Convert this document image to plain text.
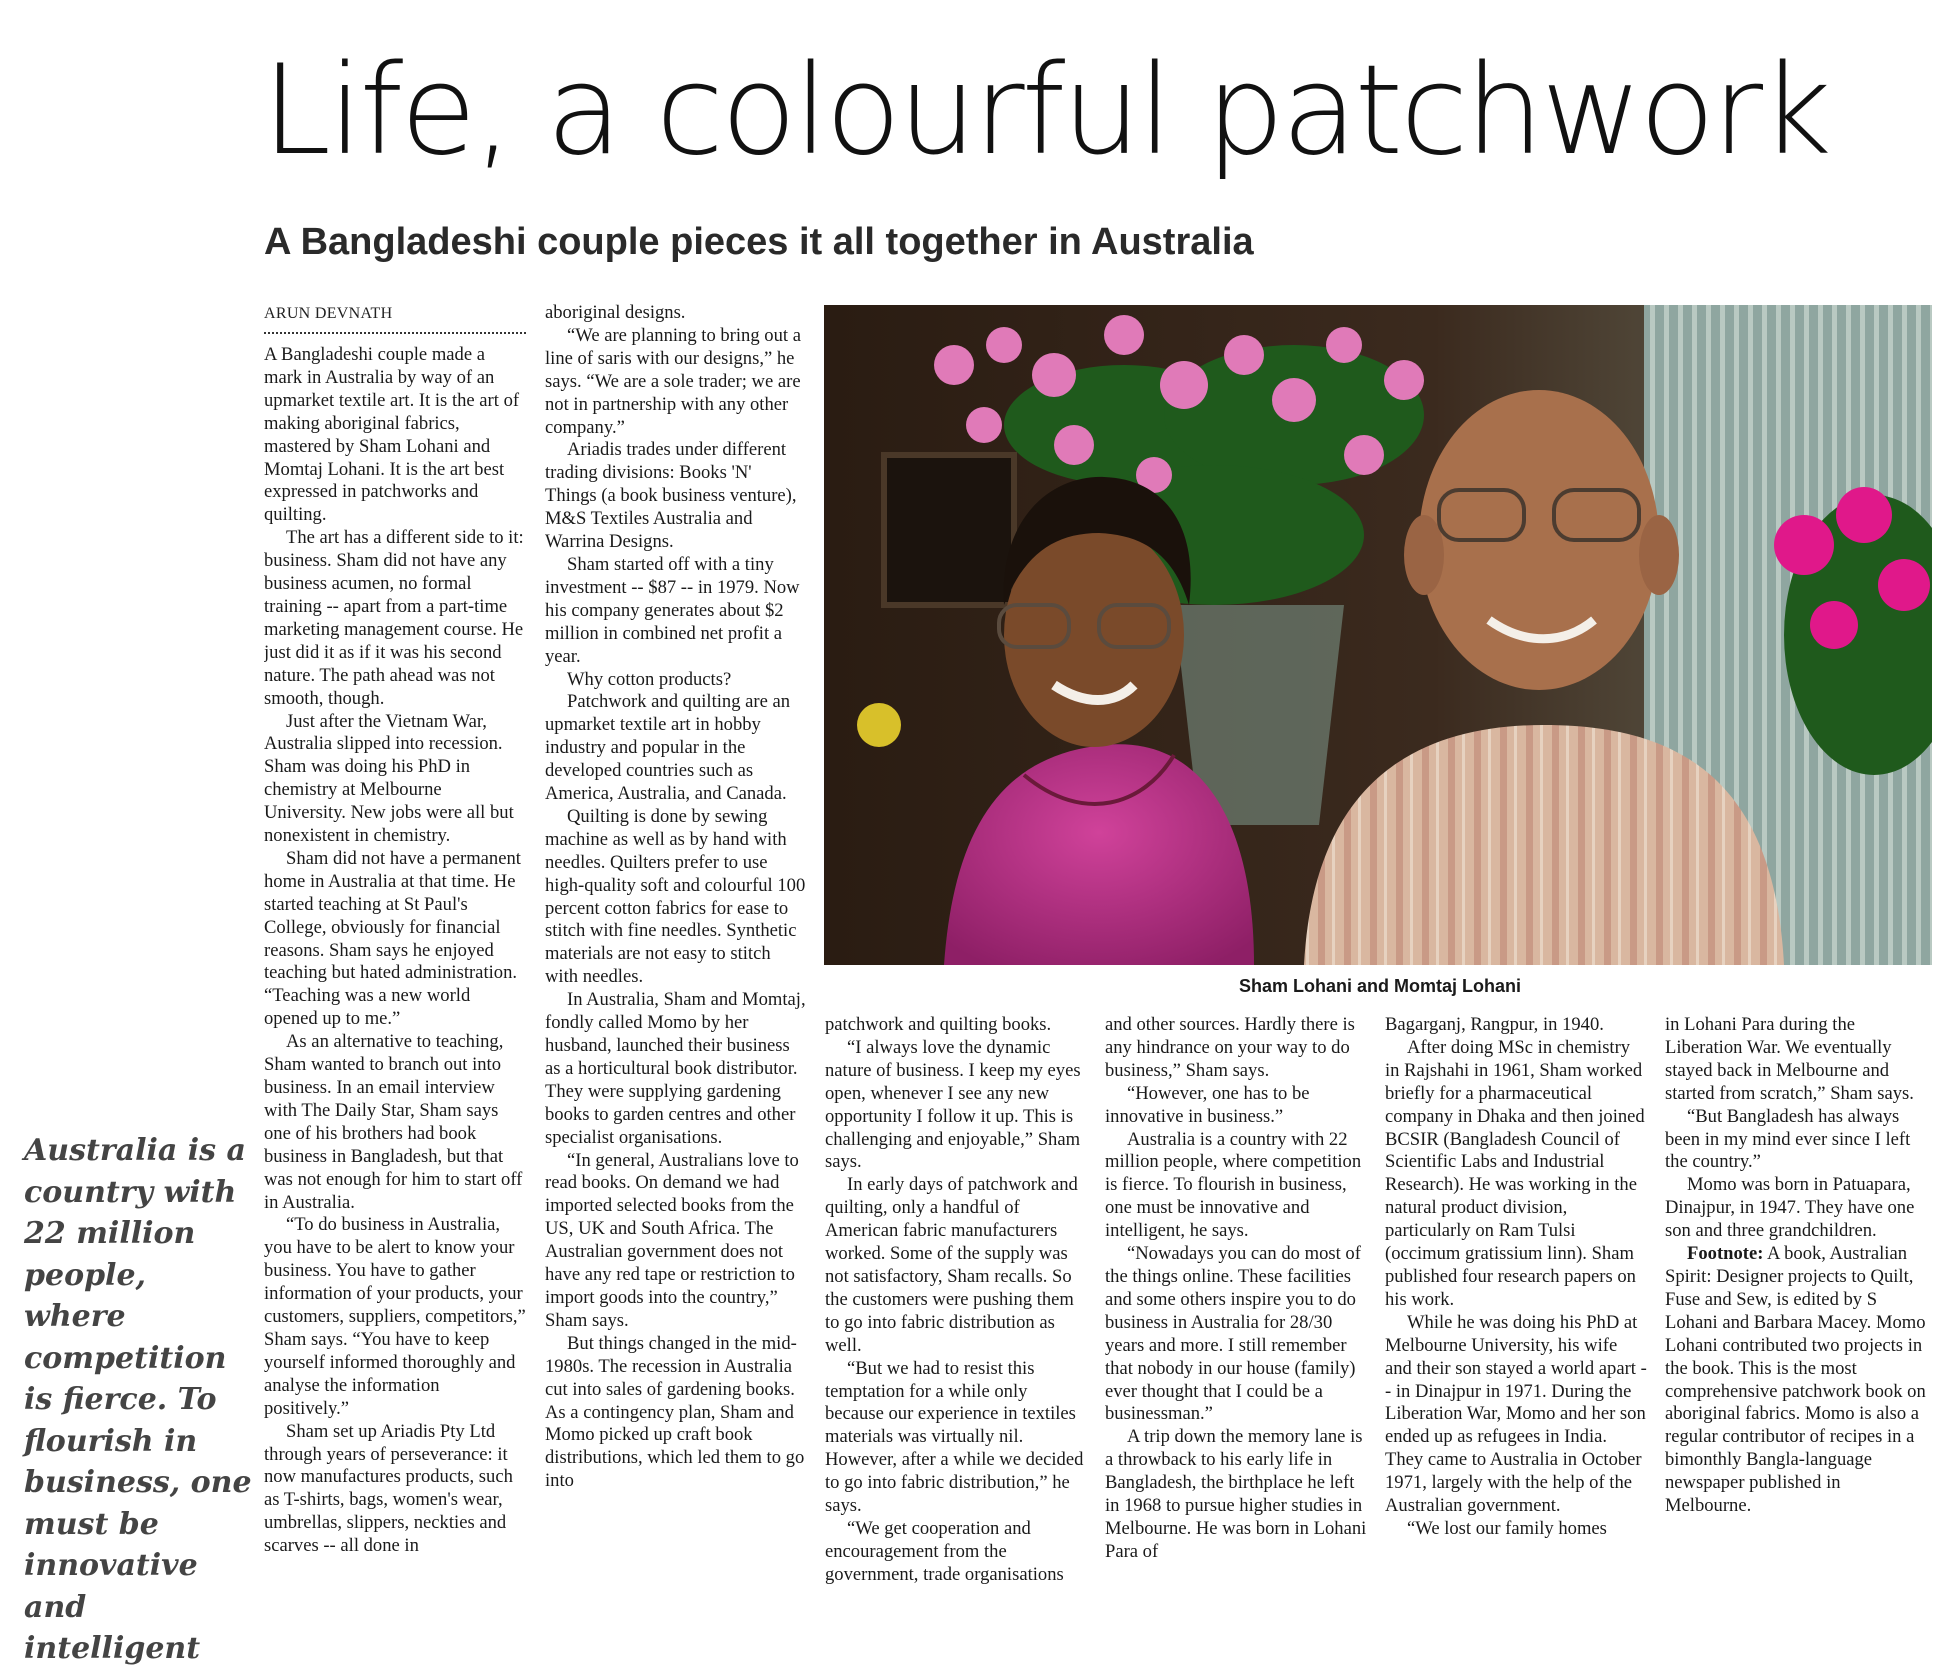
Life, a colourful patchwork
A Bangladeshi couple pieces it all together in Australia

Australia is a country with 22 million people, where competition is fierce. To flourish in business, one must be innovative and intelligent

ARUN DEVNATH

A Bangladeshi couple made a mark in Australia by way of an upmarket textile art. It is the art of making aboriginal fabrics, mastered by Sham Lohani and Momtaj Lohani. It is the art best expressed in patchworks and quilting.

The art has a different side to it: business. Sham did not have any business acumen, no formal training -- apart from a part-time marketing management course. He just did it as if it was his second nature. The path ahead was not smooth, though.

Just after the Vietnam War, Australia slipped into recession. Sham was doing his PhD in chemistry at Melbourne University. New jobs were all but nonexistent in chemistry.

Sham did not have a permanent home in Australia at that time. He started teaching at St Paul's College, obviously for financial reasons. Sham says he enjoyed teaching but hated administration. “Teaching was a new world opened up to me.”

As an alternative to teaching, Sham wanted to branch out into business. In an email interview with The Daily Star, Sham says one of his brothers had book business in Bangladesh, but that was not enough for him to start off in Australia.

“To do business in Australia, you have to be alert to know your business. You have to gather information of your products, your customers, suppliers, competitors,” Sham says. “You have to keep yourself informed thoroughly and analyse the information positively.”

Sham set up Ariadis Pty Ltd through years of perseverance: it now manufactures products, such as T-shirts, bags, women's wear, umbrellas, slippers, neckties and scarves -- all done in

aboriginal designs.

“We are planning to bring out a line of saris with our designs,” he says. “We are a sole trader; we are not in partnership with any other company.”

Ariadis trades under different trading divisions: Books 'N' Things (a book business venture), M&S Textiles Australia and Warrina Designs.

Sham started off with a tiny investment -- $87 -- in 1979. Now his company generates about $2 million in combined net profit a year.

Why cotton products?

Patchwork and quilting are an upmarket textile art in hobby industry and popular in the developed countries such as America, Australia, and Canada.

Quilting is done by sewing machine as well as by hand with needles. Quilters prefer to use high-quality soft and colourful 100 percent cotton fabrics for ease to stitch with fine needles. Synthetic materials are not easy to stitch with needles.

In Australia, Sham and Momtaj, fondly called Momo by her husband, launched their business as a horticultural book distributor. They were supplying gardening books to garden centres and other specialist organisations.

“In general, Australians love to read books. On demand we had imported selected books from the US, UK and South Africa. The Australian government does not have any red tape or restriction to import goods into the country,” Sham says.

But things changed in the mid-1980s. The recession in Australia cut into sales of gardening books. As a contingency plan, Sham and Momo picked up craft book distributions, which led them to go into

Sham Lohani and Momtaj Lohani

patchwork and quilting books.

“I always love the dynamic nature of business. I keep my eyes open, whenever I see any new opportunity I follow it up. This is challenging and enjoyable,” Sham says.

In early days of patchwork and quilting, only a handful of American fabric manufacturers worked. Some of the supply was not satisfactory, Sham recalls. So the customers were pushing them to go into fabric distribution as well.

“But we had to resist this temptation for a while only because our experience in textiles materials was virtually nil. However, after a while we decided to go into fabric distribution,” he says.

“We get cooperation and encouragement from the government, trade organisations

and other sources. Hardly there is any hindrance on your way to do business,” Sham says.

“However, one has to be innovative in business.”

Australia is a country with 22 million people, where competition is fierce. To flourish in business, one must be innovative and intelligent, he says.

“Nowadays you can do most of the things online. These facilities and some others inspire you to do business in Australia for 28/30 years and more. I still remember that nobody in our house (family) ever thought that I could be a businessman.”

A trip down the memory lane is a throwback to his early life in Bangladesh, the birthplace he left in 1968 to pursue higher studies in Melbourne. He was born in Lohani Para of

Bagarganj, Rangpur, in 1940.

After doing MSc in chemistry in Rajshahi in 1961, Sham worked briefly for a pharmaceutical company in Dhaka and then joined BCSIR (Bangladesh Council of Scientific Labs and Industrial Research). He was working in the natural product division, particularly on Ram Tulsi (occimum gratissium linn). Sham published four research papers on his work.

While he was doing his PhD at Melbourne University, his wife and their son stayed a world apart -- in Dinajpur in 1971. During the Liberation War, Momo and her son ended up as refugees in India. They came to Australia in October 1971, largely with the help of the Australian government.

“We lost our family homes

in Lohani Para during the Liberation War. We eventually stayed back in Melbourne and started from scratch,” Sham says.

“But Bangladesh has always been in my mind ever since I left the country.”

Momo was born in Patuapara, Dinajpur, in 1947. They have one son and three grandchildren.

Footnote: A book, Australian Spirit: Designer projects to Quilt, Fuse and Sew, is edited by S Lohani and Barbara Macey. Momo Lohani contributed two projects in the book. This is the most comprehensive patchwork book on aboriginal fabrics. Momo is also a regular contributor of recipes in a bimonthly Bangla-language newspaper published in Melbourne.
